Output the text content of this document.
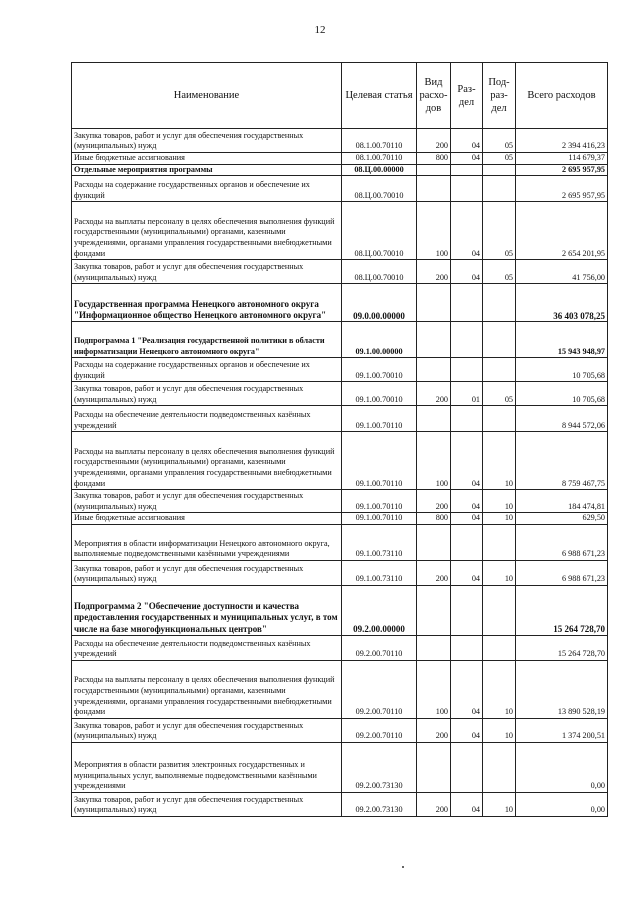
12
Наименование	Целевая статья	Вид расхо-дов	Раз-дел	Под-раз-дел	Всего расходов
Закупка товаров, работ и услуг для обеспечения государственных (муниципальных) нужд	08.1.00.70110	200	04	05	2 394 416,23
Иные бюджетные ассигнования	08.1.00.70110	800	04	05	114 679,37
Отдельные мероприятия программы	08.Ц.00.00000				2 695 957,95
Расходы на содержание государственных органов и обеспечение их функций	08.Ц.00.70010				2 695 957,95
Расходы на выплаты персоналу в целях обеспечения выполнения функций государственными (муниципальными) органами, казенными учреждениями, органами управления государственными внебюджетными фондами	08.Ц.00.70010	100	04	05	2 654 201,95
Закупка товаров, работ и услуг для обеспечения государственных (муниципальных) нужд	08.Ц.00.70010	200	04	05	41 756,00
Государственная программа Ненецкого автономного округа "Информационное общество Ненецкого автономного округа"	09.0.00.00000				36 403 078,25
Подпрограмма 1 "Реализация государственной политики в области информатизации Ненецкого автономного округа"	09.1.00.00000				15 943 948,97
Расходы на содержание государственных органов и обеспечение их функций	09.1.00.70010				10 705,68
Закупка товаров, работ и услуг для обеспечения государственных (муниципальных) нужд	09.1.00.70010	200	01	05	10 705,68
Расходы на обеспечение деятельности подведомственных казённых учреждений	09.1.00.70110				8 944 572,06
Расходы на выплаты персоналу в целях обеспечения выполнения функций государственными (муниципальными) органами, казенными учреждениями, органами управления государственными внебюджетными фондами	09.1.00.70110	100	04	10	8 759 467,75
Закупка товаров, работ и услуг для обеспечения государственных (муниципальных) нужд	09.1.00.70110	200	04	10	184 474,81
Иные бюджетные ассигнования	09.1.00.70110	800	04	10	629,50
Мероприятия в области информатизации Ненецкого автономного округа, выполняемые подведомственными казёнными учреждениями	09.1.00.73110				6 988 671,23
Закупка товаров, работ и услуг для обеспечения государственных (муниципальных) нужд	09.1.00.73110	200	04	10	6 988 671,23
Подпрограмма 2 "Обеспечение доступности и качества предоставления государственных и муниципальных услуг, в том числе на базе многофункциональных центров"	09.2.00.00000				15 264 728,70
Расходы на обеспечение деятельности подведомственных казённых учреждений	09.2.00.70110				15 264 728,70
Расходы на выплаты персоналу в целях обеспечения выполнения функций государственными (муниципальными) органами, казенными учреждениями, органами управления государственными внебюджетными фондами	09.2.00.70110	100	04	10	13 890 528,19
Закупка товаров, работ и услуг для обеспечения государственных (муниципальных) нужд	09.2.00.70110	200	04	10	1 374 200,51
Мероприятия в области развития электронных государственных и муниципальных услуг, выполняемые подведомственными казёнными учреждениями	09.2.00.73130				0,00
Закупка товаров, работ и услуг для обеспечения государственных (муниципальных) нужд	09.2.00.73130	200	04	10	0,00
